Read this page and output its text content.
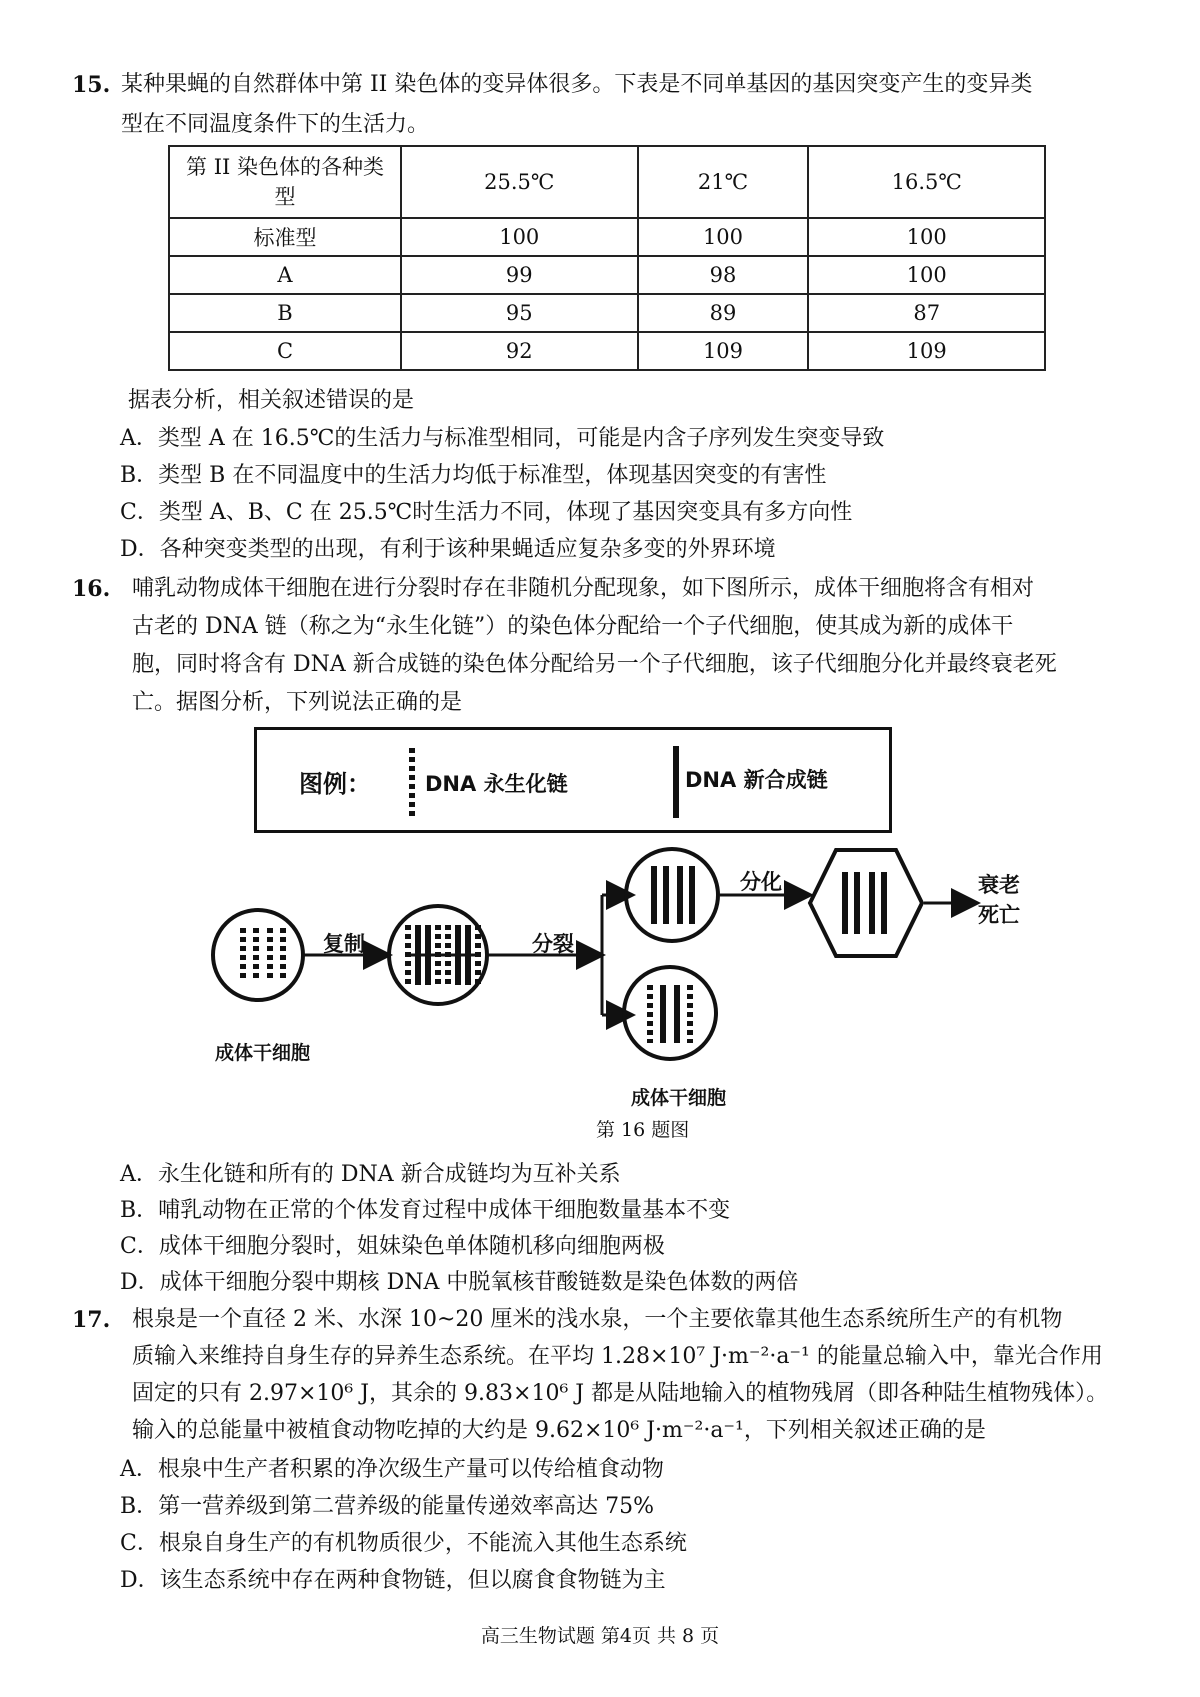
15. 某种果蝇的自然群体中第 II 染色体的变异体很多。下表是不同单基因的基因突变产生的变异类
型在不同温度条件下的生活力。
第 II 染色体的各种类
型	25.5℃	21℃	16.5℃
标准型	100	100	100
A	99	98	100
B	95	89	87
C	92	109	109
据表分析，相关叙述错误的是
A．类型 A 在 16.5℃的生活力与标准型相同，可能是内含子序列发生突变导致
B．类型 B 在不同温度中的生活力均低于标准型，体现基因突变的有害性
C．类型 A、B、C 在 25.5℃时生活力不同，体现了基因突变具有多方向性
D．各种突变类型的出现，有利于该种果蝇适应复杂多变的外界环境
16. 哺乳动物成体干细胞在进行分裂时存在非随机分配现象，如下图所示，成体干细胞将含有相对
古老的 DNA 链（称之为“永生化链”）的染色体分配给一个子代细胞，使其成为新的成体干
胞，同时将含有 DNA 新合成链的染色体分配给另一个子代细胞，该子代细胞分化并最终衰老死
亡。据图分析，下列说法正确的是
图例：	DNA 永生化链	DNA 新合成链
复制	分裂
分化	衰老
死亡
成体干细胞
成体干细胞
第 16 题图
A．永生化链和所有的 DNA 新合成链均为互补关系
B．哺乳动物在正常的个体发育过程中成体干细胞数量基本不变
C．成体干细胞分裂时，姐妹染色单体随机移向细胞两极
D．成体干细胞分裂中期核 DNA 中脱氧核苷酸链数是染色体数的两倍
17. 根泉是一个直径 2 米、水深 10~20 厘米的浅水泉，一个主要依靠其他生态系统所生产的有机物
质输入来维持自身生存的异养生态系统。在平均 1.28×10⁷ J·m⁻²·a⁻¹ 的能量总输入中，靠光合作用
固定的只有 2.97×10⁶ J，其余的 9.83×10⁶ J 都是从陆地输入的植物残屑（即各种陆生植物残体）。
输入的总能量中被植食动物吃掉的大约是 9.62×10⁶ J·m⁻²·a⁻¹，下列相关叙述正确的是
A．根泉中生产者积累的净次级生产量可以传给植食动物
B．第一营养级到第二营养级的能量传递效率高达 75%
C．根泉自身生产的有机物质很少，不能流入其他生态系统
D．该生态系统中存在两种食物链，但以腐食食物链为主
高三生物试题 第4页 共 8 页
